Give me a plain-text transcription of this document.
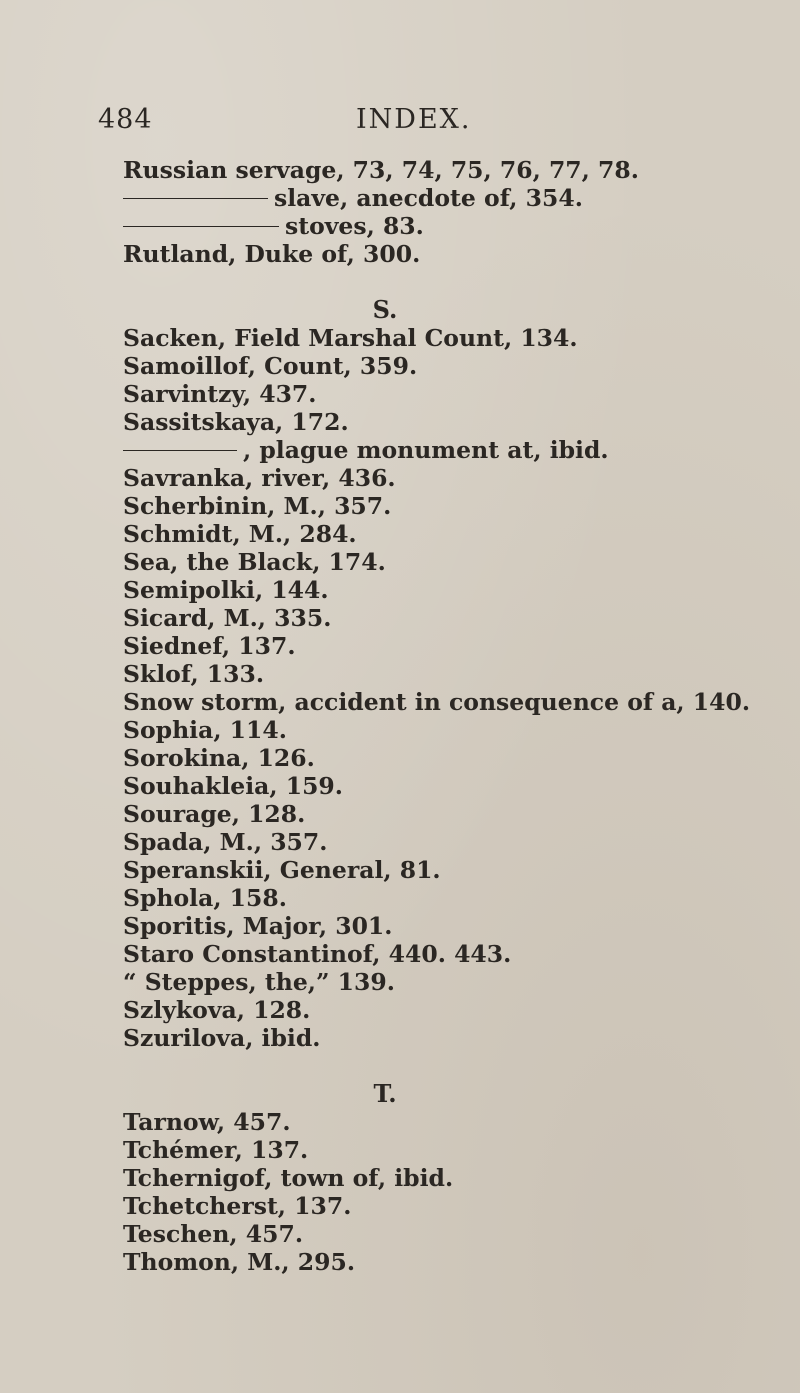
484	INDEX.
Russian servage, 73, 74, 75, 76, 77, 78.
slave, anecdote of, 354.
stoves, 83.
Rutland, Duke of, 300.
S.
Sacken, Field Marshal Count, 134.
Samoillof, Count, 359.
Sarvintzy, 437.
Sassitskaya, 172.
, plague monument at, ibid.
Savranka, river, 436.
Scherbinin, M., 357.
Schmidt, M., 284.
Sea, the Black, 174.
Semipolki, 144.
Sicard, M., 335.
Siednef, 137.
Sklof, 133.
Snow storm, accident in consequence of a, 140.
Sophia, 114.
Sorokina, 126.
Souhakleia, 159.
Sourage, 128.
Spada, M., 357.
Speranskii, General, 81.
Sphola, 158.
Sporitis, Major, 301.
Staro Constantinof, 440. 443.
“ Steppes, the,” 139.
Szlykova, 128.
Szurilova, ibid.
T.
Tarnow, 457.
Tchémer, 137.
Tchernigof, town of, ibid.
Tchetcherst, 137.
Teschen, 457.
Thomon, M., 295.
